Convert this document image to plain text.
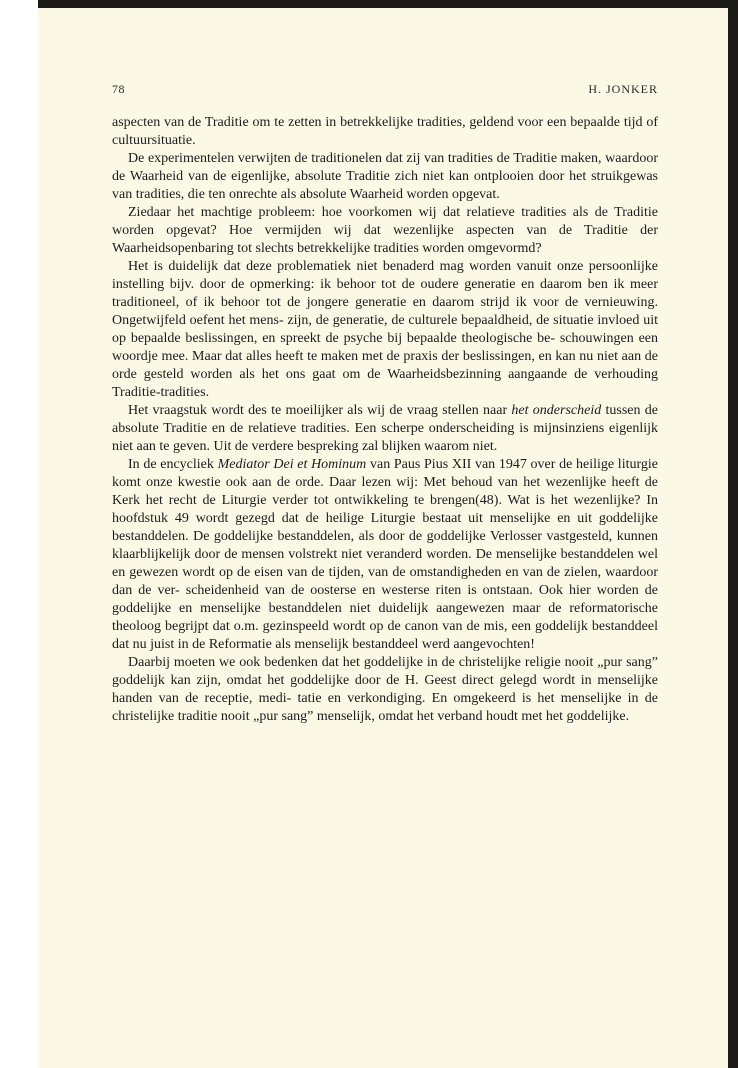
78	H. JONKER

aspecten van de Traditie om te zetten in betrekkelijke tradities, geldend voor een bepaalde tijd of cultuursituatie.

De experimentelen verwijten de traditionelen dat zij van tradities de Traditie maken, waardoor de Waarheid van de eigenlijke, absolute Traditie zich niet kan ontplooien door het struikgewas van tradities, die ten onrechte als absolute Waarheid worden opgevat.

Ziedaar het machtige probleem: hoe voorkomen wij dat relatieve tradities als de Traditie worden opgevat? Hoe vermijden wij dat wezenlijke aspecten van de Traditie der Waarheidsopenbaring tot slechts betrekkelijke tradities worden omgevormd?

Het is duidelijk dat deze problematiek niet benaderd mag worden vanuit onze persoonlijke instelling bijv. door de opmerking: ik behoor tot de oudere generatie en daarom ben ik meer traditioneel, of ik behoor tot de jongere generatie en daarom strijd ik voor de vernieuwing. Ongetwijfeld oefent het mens- zijn, de generatie, de culturele bepaaldheid, de situatie invloed uit op bepaalde beslissingen, en spreekt de psyche bij bepaalde theologische be- schouwingen een woordje mee. Maar dat alles heeft te maken met de praxis der beslissingen, en kan nu niet aan de orde gesteld worden als het ons gaat om de Waarheidsbezinning aangaande de verhouding Traditie-tradities.

Het vraagstuk wordt des te moeilijker als wij de vraag stellen naar het onderscheid tussen de absolute Traditie en de relatieve tradities. Een scherpe onderscheiding is mijnsinziens eigenlijk niet aan te geven. Uit de verdere bespreking zal blijken waarom niet.

In de encycliek Mediator Dei et Hominum van Paus Pius XII van 1947 over de heilige liturgie komt onze kwestie ook aan de orde. Daar lezen wij: Met behoud van het wezenlijke heeft de Kerk het recht de Liturgie verder tot ontwikkeling te brengen(48). Wat is het wezenlijke? In hoofdstuk 49 wordt gezegd dat de heilige Liturgie bestaat uit menselijke en uit goddelijke bestanddelen. De goddelijke bestanddelen, als door de goddelijke Verlosser vastgesteld, kunnen klaarblijkelijk door de mensen volstrekt niet veranderd worden. De menselijke bestanddelen wel en gewezen wordt op de eisen van de tijden, van de omstandigheden en van de zielen, waardoor dan de ver- scheidenheid van de oosterse en westerse riten is ontstaan. Ook hier worden de goddelijke en menselijke bestanddelen niet duidelijk aangewezen maar de reformatorische theoloog begrijpt dat o.m. gezinspeeld wordt op de canon van de mis, een goddelijk bestanddeel dat nu juist in de Reformatie als menselijk bestanddeel werd aangevochten!

Daarbij moeten we ook bedenken dat het goddelijke in de christelijke religie nooit „pur sang” goddelijk kan zijn, omdat het goddelijke door de H. Geest direct gelegd wordt in menselijke handen van de receptie, medi- tatie en verkondiging. En omgekeerd is het menselijke in de christelijke traditie nooit „pur sang” menselijk, omdat het verband houdt met het goddelijke.
